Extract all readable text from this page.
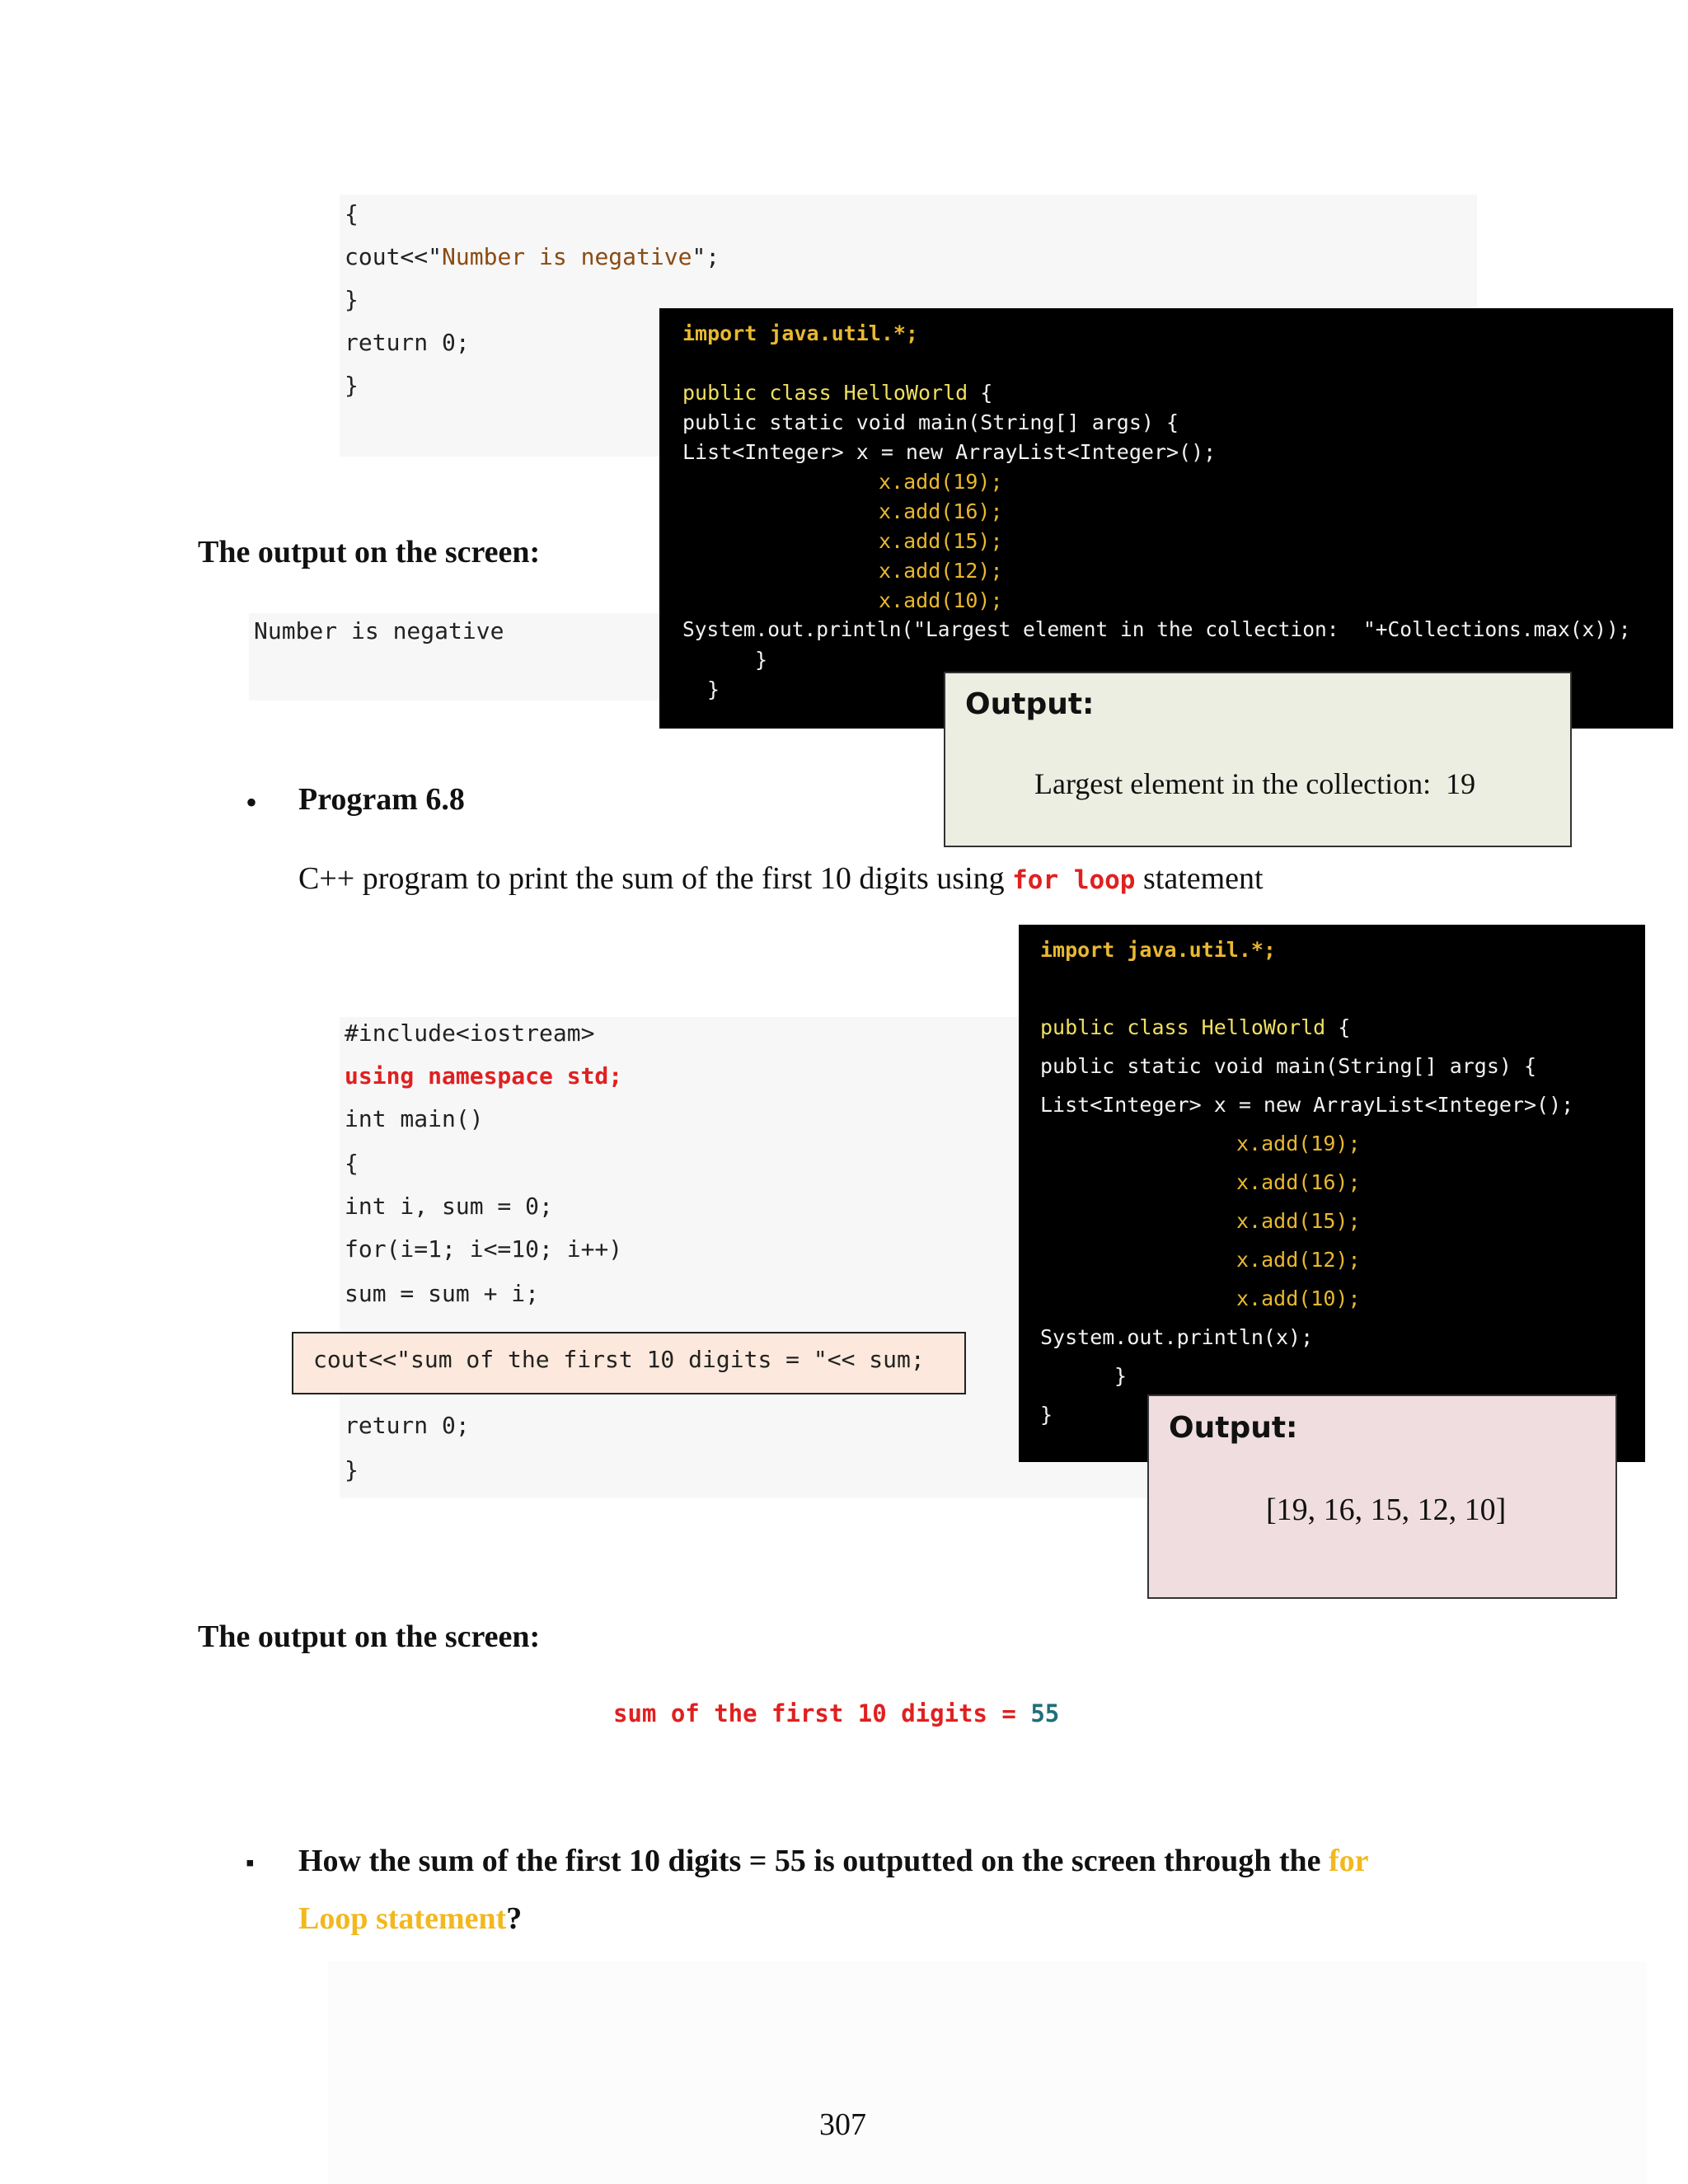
{
cout<<"Number is negative";
}
return 0;
}
The output on the screen:
Number is negative
import java.util.*;
public class HelloWorld {
public static void main(String[] args) {
List<Integer> x = new ArrayList<Integer>();
x.add(19);
x.add(16);
x.add(15);
x.add(12);
x.add(10);
System.out.println("Largest element in the collection:  "+Collections.max(x));
}
}	Output:
Largest element in the collection:  19
• Program 6.8
C++ program to print the sum of the first 10 digits using for loop statement
#include<iostream>
using namespace std;
int main()
{
int i, sum = 0;
for(i=1; i<=10; i++)
sum = sum + i;
cout<<"sum of the first 10 digits = "<< sum;
return 0;
}
import java.util.*;
public class HelloWorld {
public static void main(String[] args) {
List<Integer> x = new ArrayList<Integer>();
x.add(19);
x.add(16);
x.add(15);
x.add(12);
x.add(10);
System.out.println(x);
}
}	Output:
[19, 16, 15, 12, 10]
The output on the screen:
sum of the first 10 digits = 55
▪ How the sum of the first 10 digits = 55 is outputted on the screen through the for
Loop statement?
307
